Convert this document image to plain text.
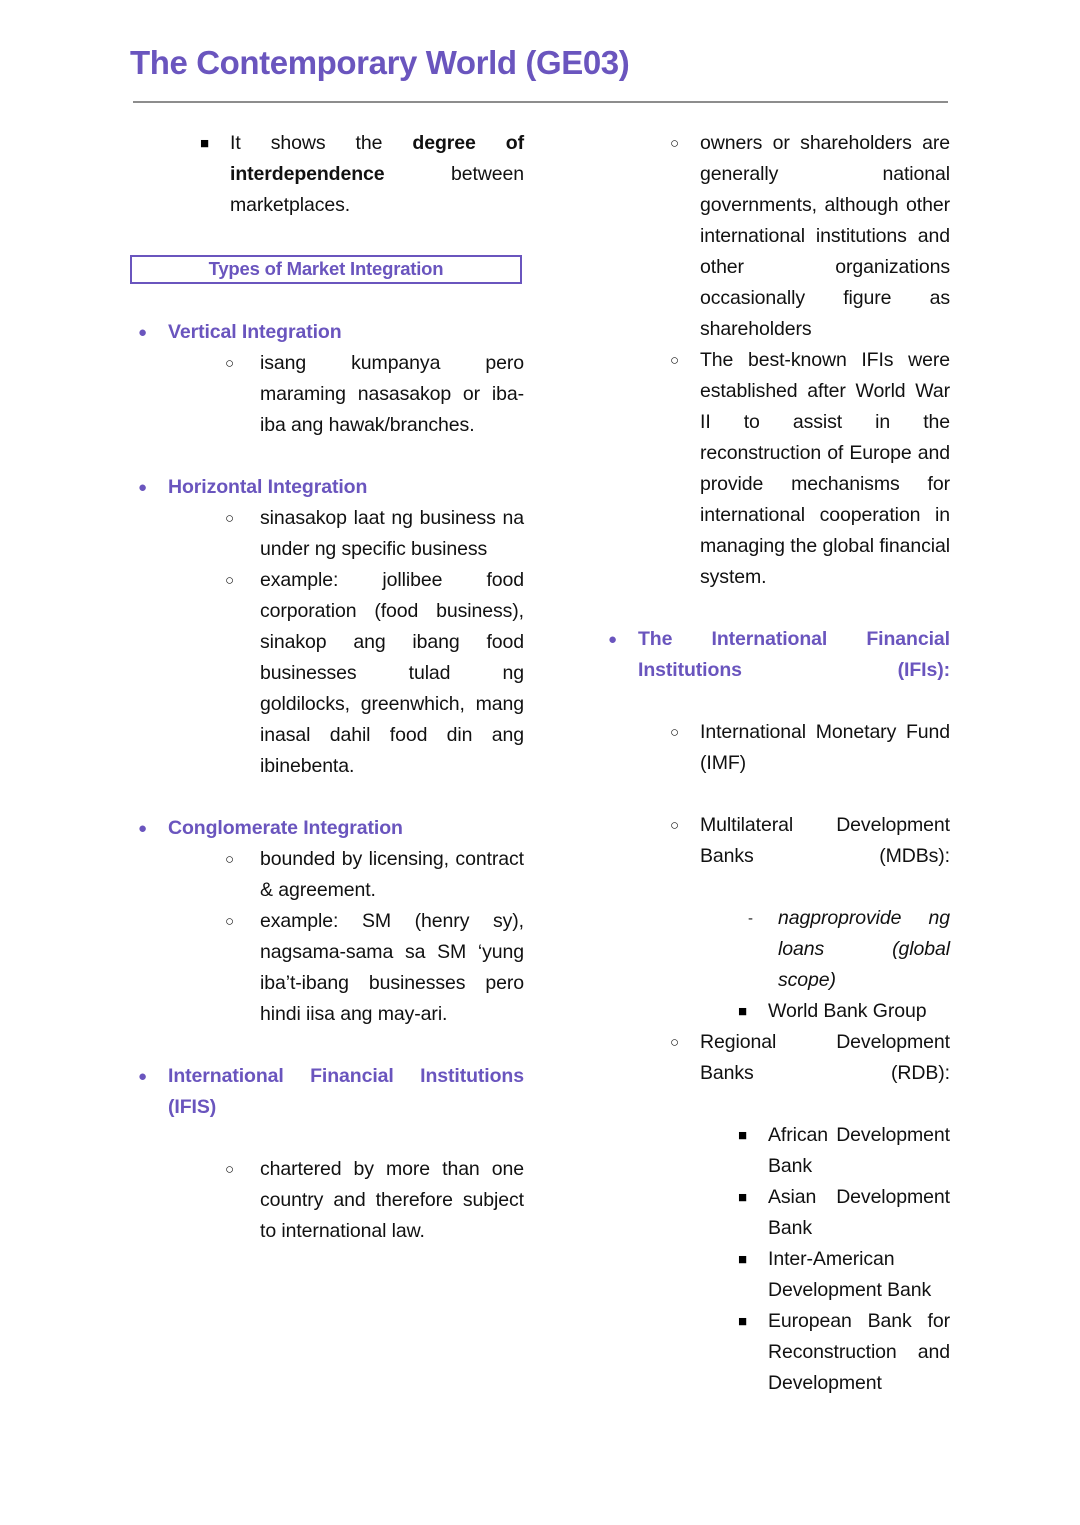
The Contemporary World (GE03)
■	It shows the degree of interdependence between marketplaces.
●	Vertical Integration
○	isang kumpanya pero maraming nasasakop or iba-iba ang hawak/branches.
●	Horizontal Integration
○	sinasakop laat ng business na under ng specific business
○	example: jollibee food corporation (food business), sinakop ang ibang food businesses tulad ng goldilocks, greenwhich, mang inasal dahil food din ang ibinebenta.
●	Conglomerate Integration
○	bounded by licensing, contract & agreement.
○	example: SM (henry sy), nagsama-sama sa SM ‘yung iba’t-ibang businesses pero hindi iisa ang may-ari.
●	International Financial Institutions (IFIS)
○	chartered by more than one country and therefore subject to international law.
Types of Market Integration
○	owners or shareholders are generally national governments, although other international institutions and other organizations occasionally figure as shareholders
○	The best-known IFIs were established after World War II to assist in the reconstruction of Europe and provide mechanisms for international cooperation in managing the global financial system.
●	The International Financial Institutions (IFIs):
○	International Monetary Fund (IMF)
○	Multilateral Development Banks (MDBs):
-	nagproprovide ng loans (global scope)
■	World Bank Group
○	Regional Development Banks (RDB):
■	African Development Bank
■	Asian Development Bank
■	Inter-American Development Bank
■	European Bank for Reconstruction and Development
